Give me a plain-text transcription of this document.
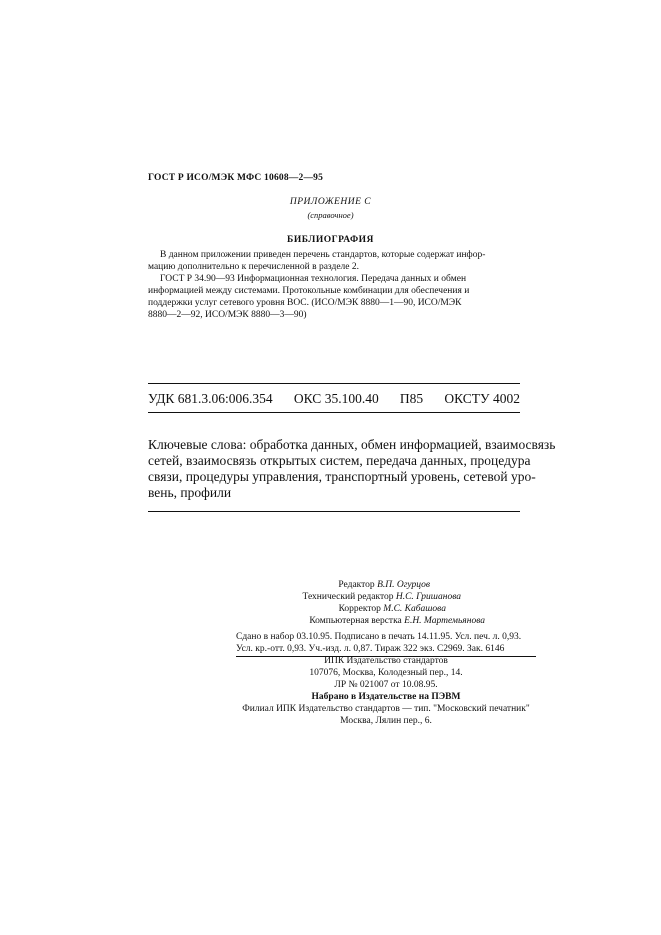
ГОСТ Р ИСО/МЭК МФС 10608—2—95
ПРИЛОЖЕНИЕ С
(справочное)
БИБЛИОГРАФИЯ
В данном приложении приведен перечень стандартов, которые содержат инфор-
мацию дополнительно к перечисленной в разделе 2.
ГОСТ Р 34.90—93 Информационная технология. Передача данных и обмен
информацией между системами. Протокольные комбинации для обеспечения и
поддержки услуг сетевого уровня ВОС. (ИСО/МЭК 8880—1—90, ИСО/МЭК
8880—2—92, ИСО/МЭК 8880—3—90)
УДК 681.3.06:006.354 ОКС 35.100.40 П85 ОКСТУ 4002
Ключевые слова: обработка данных, обмен информацией, взаимосвязь
сетей, взаимосвязь открытых систем, передача данных, процедура
связи, процедуры управления, транспортный уровень, сетевой уро-
вень, профили
Редактор В.П. Огурцов
Технический редактор Н.С. Гришанова
Корректор М.С. Кабашова
Компьютерная верстка Е.Н. Мартемьянова
Сдано в набор 03.10.95. Подписано в печать 14.11.95. Усл. печ. л. 0,93.
Усл. кр.-отт. 0,93. Уч.-изд. л. 0,87. Тираж 322 экз. С2969. Зак. 6146
ИПК Издательство стандартов
107076, Москва, Колодезный пер., 14.
ЛР № 021007 от 10.08.95.
Набрано в Издательстве на ПЭВМ
Филиал ИПК Издательство стандартов — тип. "Московский печатник"
Москва, Лялин пер., 6.
